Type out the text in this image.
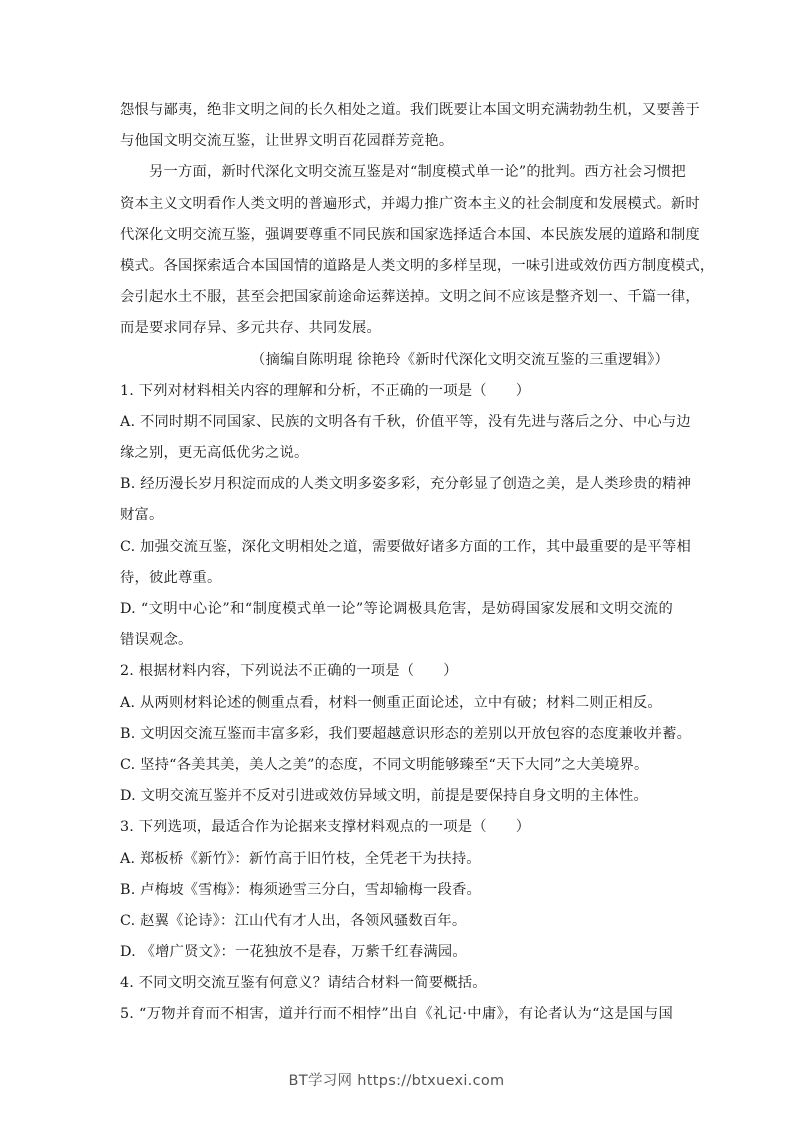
怨恨与鄙夷，绝非文明之间的长久相处之道。我们既要让本国文明充满勃勃生机，又要善于
与他国文明交流互鉴，让世界文明百花园群芳竞艳。
另一方面，新时代深化文明交流互鉴是对“制度模式单一论”的批判。西方社会习惯把
资本主义文明看作人类文明的普遍形式，并竭力推广资本主义的社会制度和发展模式。新时
代深化文明交流互鉴，强调要尊重不同民族和国家选择适合本国、本民族发展的道路和制度
模式。各国探索适合本国国情的道路是人类文明的多样呈现，一味引进或效仿西方制度模式，
会引起水土不服，甚至会把国家前途命运葬送掉。文明之间不应该是整齐划一、千篇一律，
而是要求同存异、多元共存、共同发展。
（摘编自陈明琨 徐艳玲《新时代深化文明交流互鉴的三重逻辑》）
1. 下列对材料相关内容的理解和分析，不正确的一项是（　　）
A. 不同时期不同国家、民族的文明各有千秋，价值平等，没有先进与落后之分、中心与边
缘之别，更无高低优劣之说。
B. 经历漫长岁月积淀而成的人类文明多姿多彩，充分彰显了创造之美，是人类珍贵的精神
财富。
C. 加强交流互鉴，深化文明相处之道，需要做好诸多方面的工作，其中最重要的是平等相
待，彼此尊重。
D. “文明中心论”和“制度模式单一论”等论调极具危害，是妨碍国家发展和文明交流的
错误观念。
2. 根据材料内容，下列说法不正确的一项是（　　）
A. 从两则材料论述的侧重点看，材料一侧重正面论述，立中有破；材料二则正相反。
B. 文明因交流互鉴而丰富多彩，我们要超越意识形态的差别以开放包容的态度兼收并蓄。
C. 坚持“各美其美，美人之美”的态度，不同文明能够臻至“天下大同”之大美境界。
D. 文明交流互鉴并不反对引进或效仿异域文明，前提是要保持自身文明的主体性。
3. 下列选项，最适合作为论据来支撑材料观点的一项是（　　）
A. 郑板桥《新竹》：新竹高于旧竹枝，全凭老干为扶持。
B. 卢梅坡《雪梅》：梅须逊雪三分白，雪却输梅一段香。
C. 赵翼《论诗》：江山代有才人出，各领风骚数百年。
D. 《增广贤文》：一花独放不是春，万紫千红春满园。
4. 不同文明交流互鉴有何意义？请结合材料一简要概括。
5. “万物并育而不相害，道并行而不相悖”出自《礼记·中庸》，有论者认为“这是国与国
BT学习网 https://btxuexi.com
